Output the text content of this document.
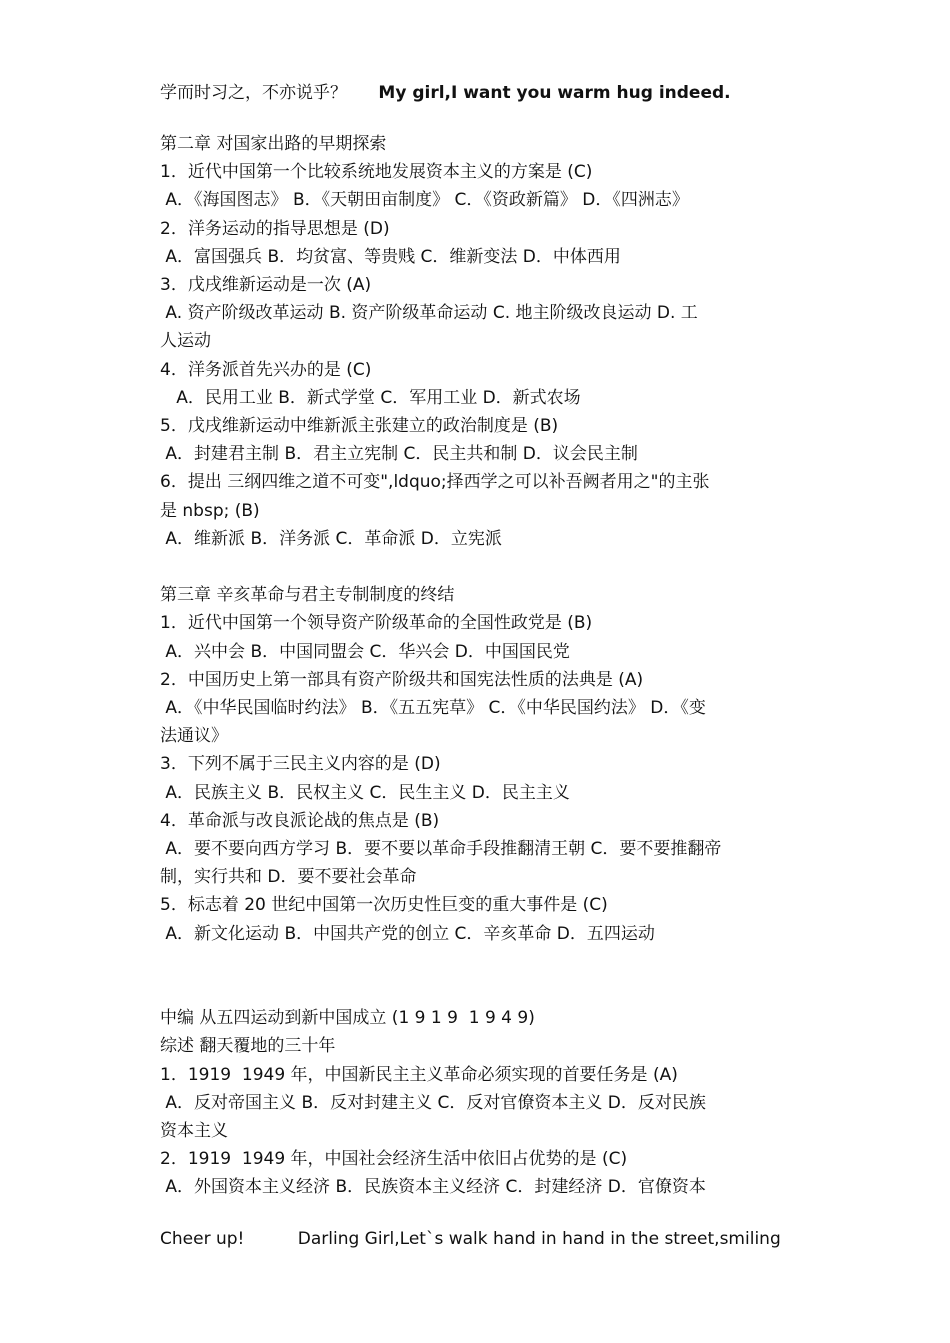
学而时习之，不亦说乎？ My girl,I want you warm hug indeed.

第二章 对国家出路的早期探索

1．近代中国第一个比较系统地发展资本主义的方案是 (C)

A．《海国图志》 B．《天朝田亩制度》 C．《资政新篇》 D．《四洲志》

2．洋务运动的指导思想是 (D)

A．富国强兵 B．均贫富、等贵贱 C．维新变法 D．中体西用

3．戊戌维新运动是一次 (A)

A. 资产阶级改革运动 B. 资产阶级革命运动 C. 地主阶级改良运动 D. 工

人运动

4．洋务派首先兴办的是 (C)

A．民用工业 B．新式学堂 C．军用工业 D．新式农场

5．戊戌维新运动中维新派主张建立的政治制度是 (B)

A．封建君主制 B．君主立宪制 C．民主共和制 D．议会民主制

6．提出 三纲四维之道不可变",ldquo;择西学之可以补吾阙者用之"的主张

是 nbsp; (B)

A．维新派 B．洋务派 C．革命派 D．立宪派

第三章 辛亥革命与君主专制制度的终结

1．近代中国第一个领导资产阶级革命的全国性政党是 (B)

A．兴中会 B．中国同盟会 C．华兴会 D．中国国民党

2．中国历史上第一部具有资产阶级共和国宪法性质的法典是 (A)

A．《中华民国临时约法》 B．《五五宪草》 C．《中华民国约法》 D．《变

法通议》

3．下列不属于三民主义内容的是 (D)

A．民族主义 B．民权主义 C．民生主义 D．民主主义

4．革命派与改良派论战的焦点是 (B)

A．要不要向西方学习 B．要不要以革命手段推翻清王朝 C．要不要推翻帝

制，实行共和 D．要不要社会革命

5．标志着 20 世纪中国第一次历史性巨变的重大事件是 (C)

A．新文化运动 B．中国共产党的创立 C．辛亥革命 D．五四运动

中编 从五四运动到新中国成立 (1 9 1 9  1 9 4 9)

综述 翻天覆地的三十年

1．1919  1949 年，中国新民主主义革命必须实现的首要任务是 (A)

A．反对帝国主义 B．反对封建主义 C．反对官僚资本主义 D．反对民族

资本主义

2．1919  1949 年，中国社会经济生活中依旧占优势的是 (C)

A．外国资本主义经济 B．民族资本主义经济 C．封建经济 D．官僚资本

Cheer up!	Darling Girl,Let`s walk hand in hand in the street,smiling
